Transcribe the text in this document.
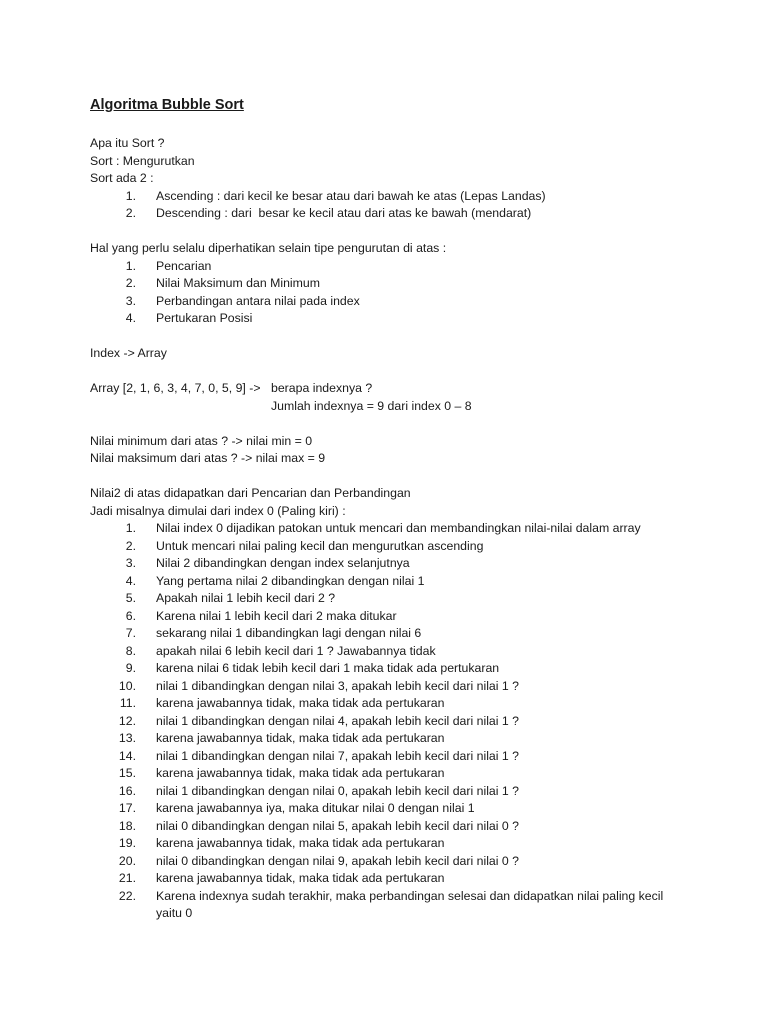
Algoritma Bubble Sort

Apa itu Sort ?

Sort : Mengurutkan

Sort ada 2 :

1. Ascending : dari kecil ke besar atau dari bawah ke atas (Lepas Landas)
2. Descending : dari  besar ke kecil atau dari atas ke bawah (mendarat)

Hal yang perlu selalu diperhatikan selain tipe pengurutan di atas :

1. Pencarian
2. Nilai Maksimum dan Minimum
3. Perbandingan antara nilai pada index
4. Pertukaran Posisi

Index -> Array

Array [2, 1, 6, 3, 4, 7, 0, 5, 9] -> berapa indexnya ?

Jumlah indexnya = 9 dari index 0 – 8

Nilai minimum dari atas ? -> nilai min = 0

Nilai maksimum dari atas ? -> nilai max = 9

Nilai2 di atas didapatkan dari Pencarian dan Perbandingan

Jadi misalnya dimulai dari index 0 (Paling kiri) :

1. Nilai index 0 dijadikan patokan untuk mencari dan membandingkan nilai-nilai dalam array
2. Untuk mencari nilai paling kecil dan mengurutkan ascending
3. Nilai 2 dibandingkan dengan index selanjutnya
4. Yang pertama nilai 2 dibandingkan dengan nilai 1
5. Apakah nilai 1 lebih kecil dari 2 ?
6. Karena nilai 1 lebih kecil dari 2 maka ditukar
7. sekarang nilai 1 dibandingkan lagi dengan nilai 6
8. apakah nilai 6 lebih kecil dari 1 ? Jawabannya tidak
9. karena nilai 6 tidak lebih kecil dari 1 maka tidak ada pertukaran
10. nilai 1 dibandingkan dengan nilai 3, apakah lebih kecil dari nilai 1 ?
11. karena jawabannya tidak, maka tidak ada pertukaran
12. nilai 1 dibandingkan dengan nilai 4, apakah lebih kecil dari nilai 1 ?
13. karena jawabannya tidak, maka tidak ada pertukaran
14. nilai 1 dibandingkan dengan nilai 7, apakah lebih kecil dari nilai 1 ?
15. karena jawabannya tidak, maka tidak ada pertukaran
16. nilai 1 dibandingkan dengan nilai 0, apakah lebih kecil dari nilai 1 ?
17. karena jawabannya iya, maka ditukar nilai 0 dengan nilai 1
18. nilai 0 dibandingkan dengan nilai 5, apakah lebih kecil dari nilai 0 ?
19. karena jawabannya tidak, maka tidak ada pertukaran
20. nilai 0 dibandingkan dengan nilai 9, apakah lebih kecil dari nilai 0 ?
21. karena jawabannya tidak, maka tidak ada pertukaran
22. Karena indexnya sudah terakhir, maka perbandingan selesai dan didapatkan nilai paling kecil yaitu 0
